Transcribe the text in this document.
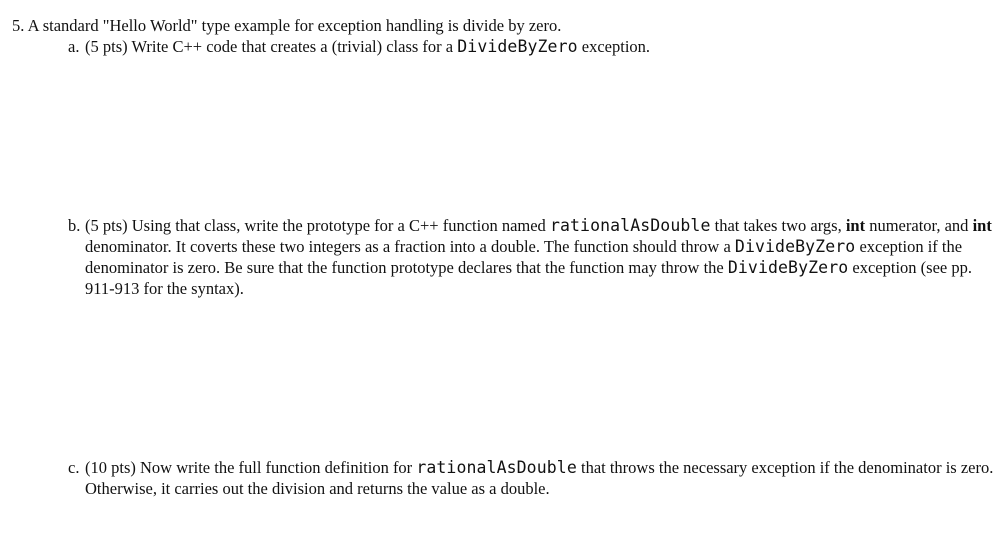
5. A standard "Hello World" type example for exception handling is divide by zero.
a. (5 pts) Write C++ code that creates a (trivial) class for a DivideByZero exception.
b. (5 pts) Using that class, write the prototype for a C++ function named rationalAsDouble that takes two args, int numerator, and int denominator. It coverts these two integers as a fraction into a double. The function should throw a DivideByZero exception if the denominator is zero. Be sure that the function prototype declares that the function may throw the DivideByZero exception (see pp. 911-913 for the syntax).
c. (10 pts) Now write the full function definition for rationalAsDouble that throws the necessary exception if the denominator is zero. Otherwise, it carries out the division and returns the value as a double.
